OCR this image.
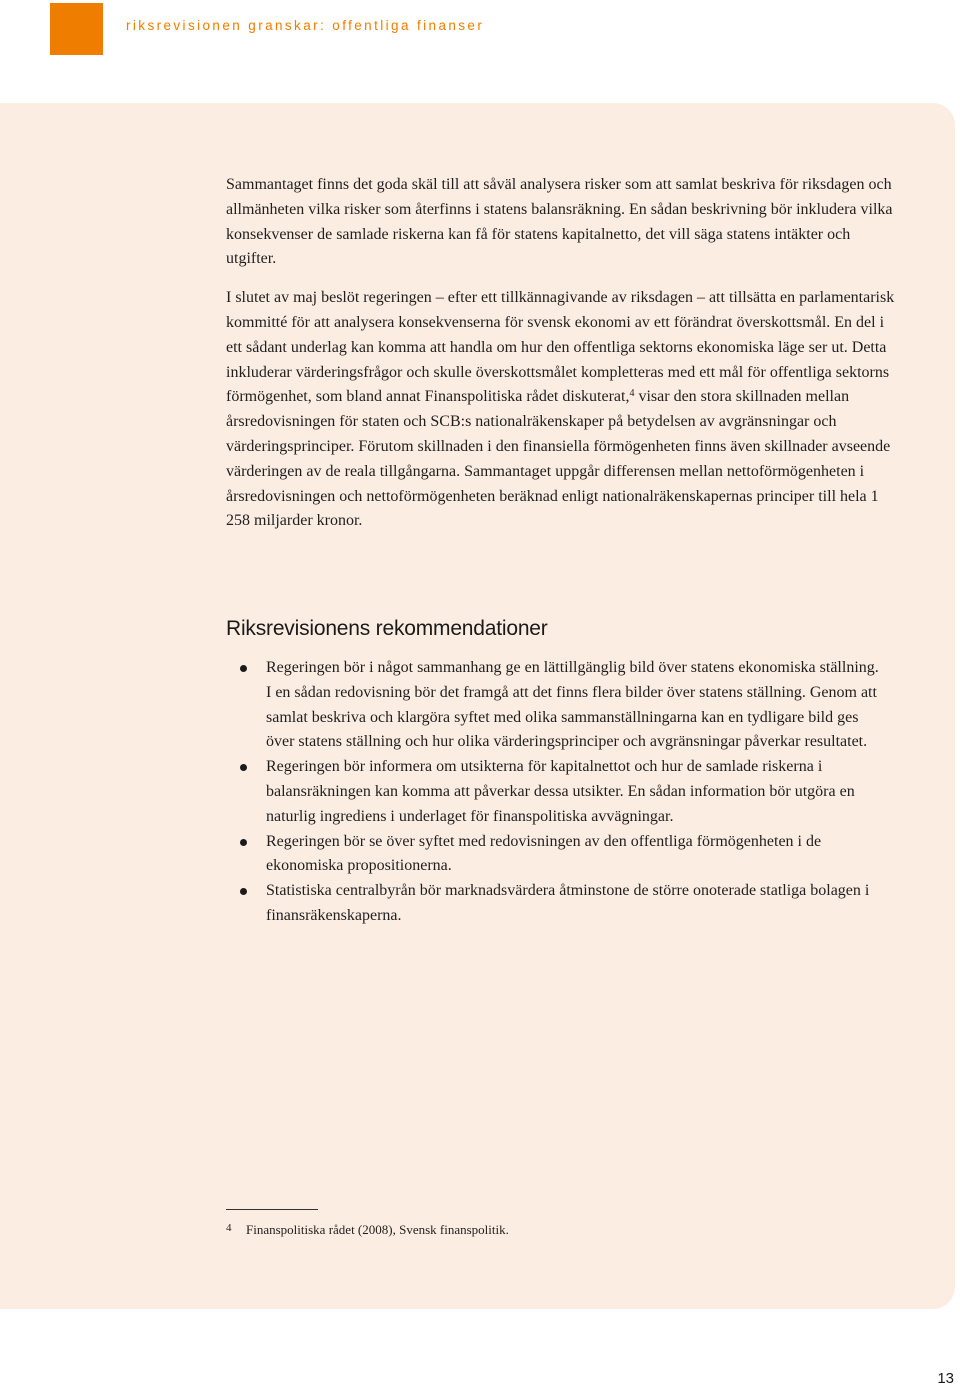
riksrevisionen granskar: offentliga finanser

Sammantaget finns det goda skäl till att såväl analysera risker som att samlat beskriva för riksdagen och allmänheten vilka risker som återfinns i statens balansräkning. En sådan beskrivning bör inkludera vilka konsekvenser de samlade riskerna kan få för statens kapitalnetto, det vill säga statens intäkter och utgifter.

I slutet av maj beslöt regeringen – efter ett tillkännagivande av riksdagen – att tillsätta en parlamentarisk kommitté för att analysera konsekvenserna för svensk ekonomi av ett förändrat överskottsmål. En del i ett sådant underlag kan komma att handla om hur den offentliga sektorns ekonomiska läge ser ut. Detta inkluderar värderingsfrågor och skulle överskottsmålet kompletteras med ett mål för offentliga sektorns förmögenhet, som bland annat Finanspolitiska rådet diskuterat,$^4$ visar den stora skillnaden mellan årsredovisningen för staten och SCB:s nationalräkenskaper på betydelsen av avgränsningar och värderingsprinciper. Förutom skillnaden i den finansiella förmögenheten finns även skillnader avseende värderingen av de reala tillgångarna. Sammantaget uppgår differensen mellan nettoförmögenheten i årsredovisningen och nettoförmögenheten beräknad enligt nationalräkenskapernas principer till hela 1 258 miljarder kronor.

Riksrevisionens rekommendationer
Regeringen bör i något sammanhang ge en lättillgänglig bild över statens ekonomiska ställning. I en sådan redovisning bör det framgå att det finns flera bilder över statens ställning. Genom att samlat beskriva och klargöra syftet med olika sammanställningarna kan en tydligare bild ges över statens ställning och hur olika värderingsprinciper och avgränsningar påverkar resultatet.
Regeringen bör informera om utsikterna för kapitalnettot och hur de samlade riskerna i balansräkningen kan komma att påverkar dessa utsikter. En sådan information bör utgöra en naturlig ingrediens i underlaget för finanspolitiska avvägningar.
Regeringen bör se över syftet med redovisningen av den offentliga förmögenheten i de ekonomiska propositionerna.
Statistiska centralbyrån bör marknadsvärdera åtminstone de större onoterade statliga bolagen i finansräkenskaperna.
4 Finanspolitiska rådet (2008), Svensk finanspolitik.
13
